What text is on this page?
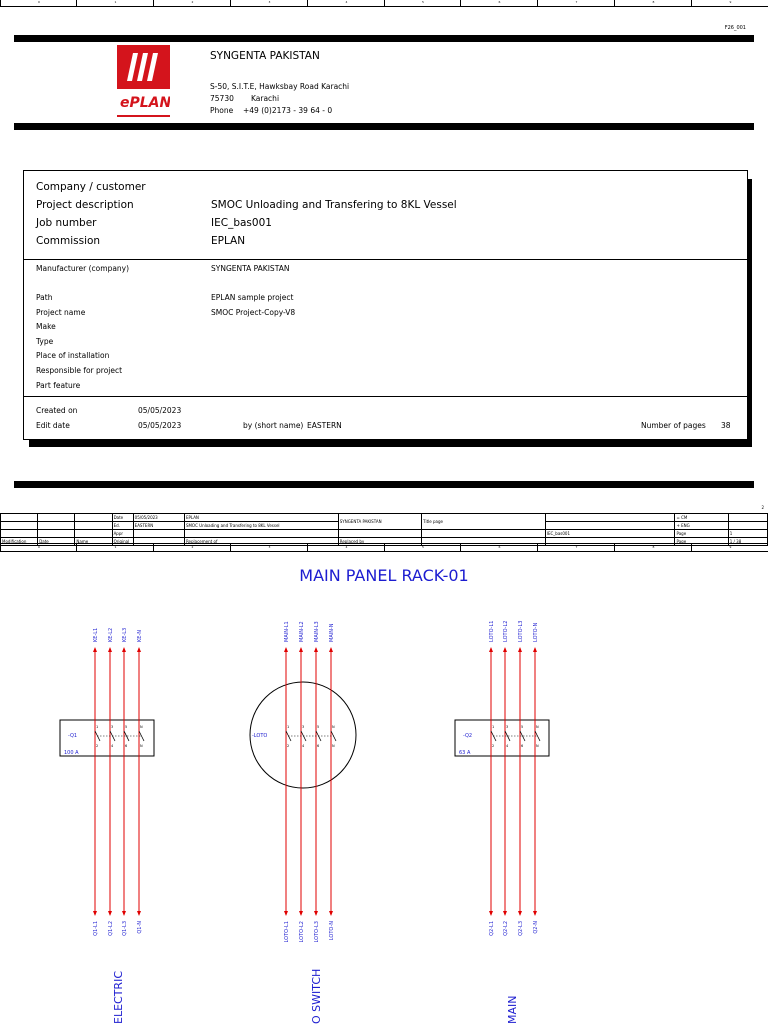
0	1	2	3	4	5	6	7	8	9
F26_001
ePLAN
SYNGENTA PAKISTAN
S-50, S.I.T.E, Hawksbay Road Karachi
75730 Karachi
Phone +49 (0)2173 - 39 64 - 0
Company / customer
Project description	SMOC Unloading and Transfering to 8KL Vessel
Job number	IEC_bas001
Commission	EPLAN
Manufacturer (company)	SYNGENTA PAKISTAN
Path	EPLAN sample project
Project name	SMOC Project-Copy-V8
Make
Type
Place of installation
Responsible for project
Part feature
Created on	05/05/2023
Edit date	05/05/2023	by (short name) EASTERN	Number of pages 38
2
			Date	05/05/2023	EPLAN	SYNGENTA PAKISTAN	Title page		= CM	
			Ed.	EASTERN	SMOC Unloading and Transfering to 8KL Vessel				+ ENG	
			Appr					IEC_bas001	Page	1
Modification	Date	Name	Original		Replacement of	Replaced by			Page	1 / 38
0	1	2	3	4	5	6	7	8	9
MAIN PANEL RACK-01
-Q1
100 A
1
2
KE-L1
Q1-L1
3
4
KE-L2
Q1-L2
5
6
KE-L3
Q1-L3
N
N
KE-N
Q1-N
ELECTRIC
-LOTO
1
2
MAIN-L1
LOTO-L1
3
4
MAIN-L2
LOTO-L2
5
6
MAIN-L3
LOTO-L3
N
N
MAIN-N
LOTO-N
O SWITCH
-Q2
63 A
1
2
LOTO-L1
Q2-L1
3
4
LOTO-L2
Q2-L2
5
6
LOTO-L3
Q2-L3
N
N
LOTO-N
Q2-N
MAIN
